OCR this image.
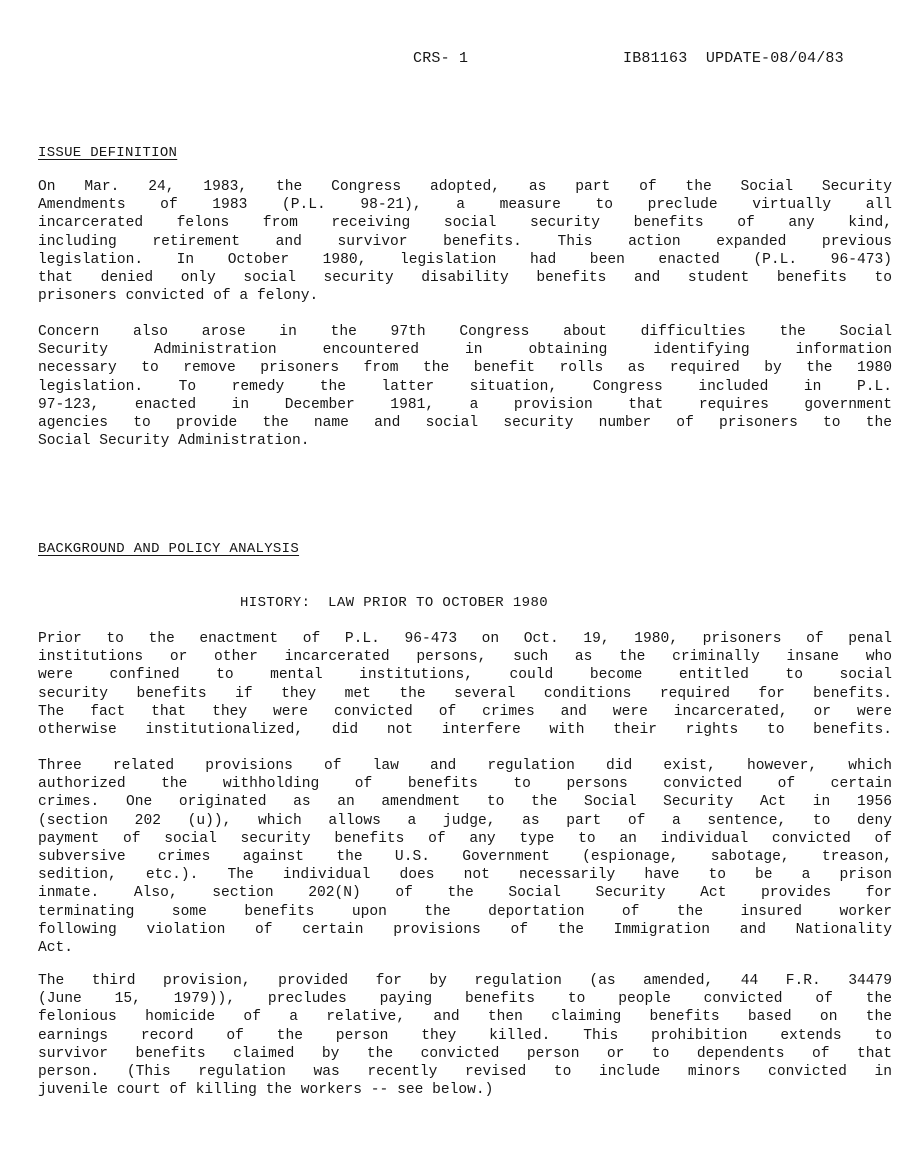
CRS- 1	IB81163  UPDATE-08/04/83
ISSUE DEFINITION
On Mar. 24, 1983, the Congress adopted, as part of the Social Security
Amendments of 1983 (P.L. 98-21), a measure to preclude virtually all
incarcerated felons from receiving social security benefits of any kind,
including retirement and survivor benefits. This action expanded previous
legislation. In October 1980, legislation had been enacted (P.L. 96-473)
that denied only social security disability benefits and student benefits to
prisoners convicted of a felony.
Concern also arose in the 97th Congress about difficulties the Social
Security Administration encountered in obtaining identifying information
necessary to remove prisoners from the benefit rolls as required by the 1980
legislation. To remedy the latter situation, Congress included in P.L.
97-123, enacted in December 1981, a provision that requires government
agencies to provide the name and social security number of prisoners to the
Social Security Administration.
BACKGROUND AND POLICY ANALYSIS
HISTORY:  LAW PRIOR TO OCTOBER 1980
Prior to the enactment of P.L. 96-473 on Oct. 19, 1980, prisoners of penal
institutions or other incarcerated persons, such as the criminally insane who
were confined to mental institutions, could become entitled to social
security benefits if they met the several conditions required for benefits.
The fact that they were convicted of crimes and were incarcerated, or were
otherwise institutionalized, did not interfere with their rights to benefits.
Three related provisions of law and regulation did exist, however, which
authorized the withholding of benefits to persons convicted of certain
crimes. One originated as an amendment to the Social Security Act in 1956
(section 202 (u)), which allows a judge, as part of a sentence, to deny
payment of social security benefits of any type to an individual convicted of
subversive crimes against the U.S. Government (espionage, sabotage, treason,
sedition, etc.). The individual does not necessarily have to be a prison
inmate. Also, section 202(N) of the Social Security Act provides for
terminating some benefits upon the deportation of the insured worker
following violation of certain provisions of the Immigration and Nationality
Act.
The third provision, provided for by regulation (as amended, 44 F.R. 34479
(June 15, 1979)), precludes paying benefits to people convicted of the
felonious homicide of a relative, and then claiming benefits based on the
earnings record of the person they killed. This prohibition extends to
survivor benefits claimed by the convicted person or to dependents of that
person. (This regulation was recently revised to include minors convicted in
juvenile court of killing the workers -- see below.)
